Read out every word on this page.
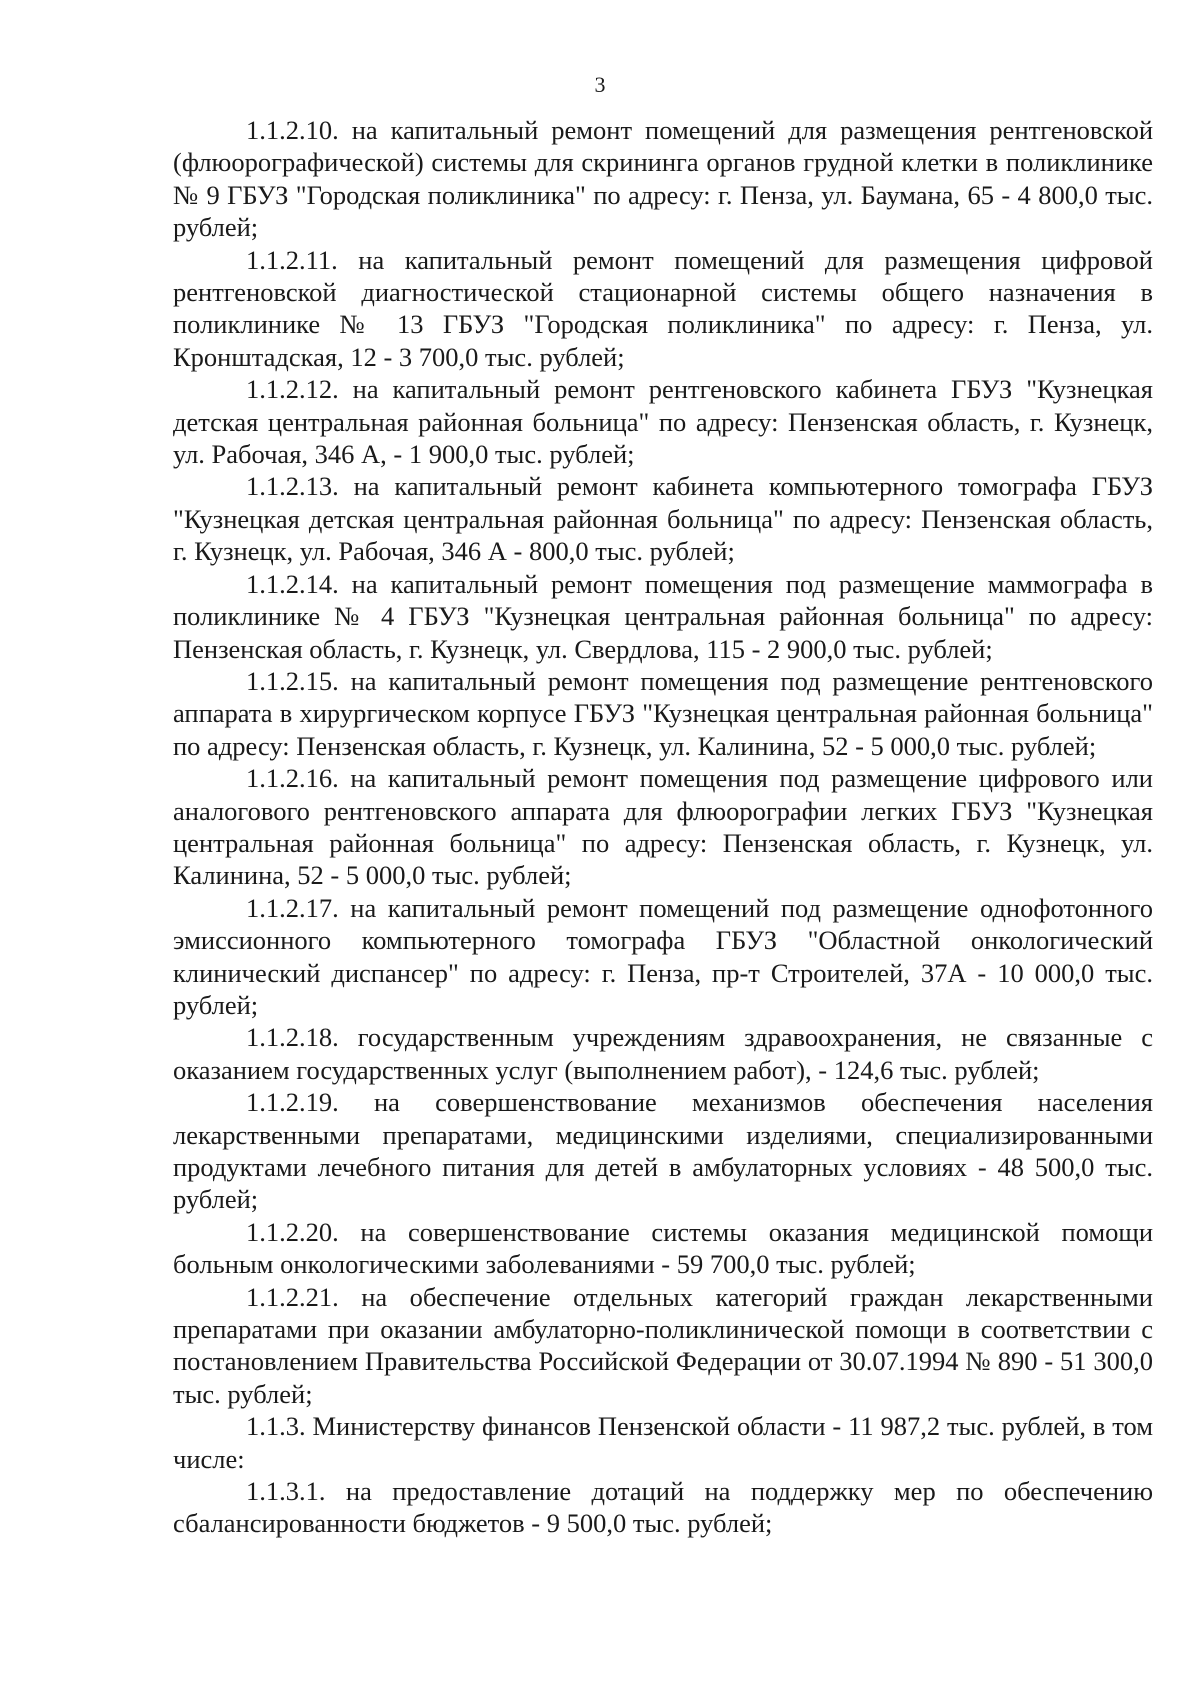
3

1.1.2.10. на капитальный ремонт помещений для размещения рентгеновской (флюорографической) системы для скрининга органов грудной клетки в поликлинике № 9 ГБУЗ "Городская поликлиника" по адресу: г. Пенза, ул. Баумана, 65 - 4 800,0 тыс. рублей;

1.1.2.11. на капитальный ремонт помещений для размещения цифровой рентгеновской диагностической стационарной системы общего назначения в поликлинике № 13 ГБУЗ "Городская поликлиника" по адресу: г. Пенза, ул. Кронштадская, 12 - 3 700,0 тыс. рублей;

1.1.2.12. на капитальный ремонт рентгеновского кабинета ГБУЗ "Кузнецкая детская центральная районная больница" по адресу: Пензенская область, г. Кузнецк, ул. Рабочая, 346 А, - 1 900,0 тыс. рублей;

1.1.2.13. на капитальный ремонт кабинета компьютерного томографа ГБУЗ "Кузнецкая детская центральная районная больница" по адресу: Пензенская область, г. Кузнецк, ул. Рабочая, 346 А - 800,0 тыс. рублей;

1.1.2.14. на капитальный ремонт помещения под размещение маммографа в поликлинике № 4 ГБУЗ "Кузнецкая центральная районная больница" по адресу: Пензенская область, г. Кузнецк, ул. Свердлова, 115 - 2 900,0 тыс. рублей;

1.1.2.15. на капитальный ремонт помещения под размещение рентгеновского аппарата в хирургическом корпусе ГБУЗ "Кузнецкая центральная районная больница" по адресу: Пензенская область, г. Кузнецк, ул. Калинина, 52 - 5 000,0 тыс. рублей;

1.1.2.16. на капитальный ремонт помещения под размещение цифрового или аналогового рентгеновского аппарата для флюорографии легких ГБУЗ "Кузнецкая центральная районная больница" по адресу: Пензенская область, г. Кузнецк, ул. Калинина, 52 - 5 000,0 тыс. рублей;

1.1.2.17. на капитальный ремонт помещений под размещение однофотонного эмиссионного компьютерного томографа ГБУЗ "Областной онкологический клинический диспансер" по адресу: г. Пенза, пр-т Строителей, 37А - 10 000,0 тыс. рублей;

1.1.2.18. государственным учреждениям здравоохранения, не связанные с оказанием государственных услуг (выполнением работ), - 124,6 тыс. рублей;

1.1.2.19. на совершенствование механизмов обеспечения населения лекарственными препаратами, медицинскими изделиями, специализированными продуктами лечебного питания для детей в амбулаторных условиях - 48 500,0 тыс. рублей;

1.1.2.20. на совершенствование системы оказания медицинской помощи больным онкологическими заболеваниями - 59 700,0 тыс. рублей;

1.1.2.21. на обеспечение отдельных категорий граждан лекарственными препаратами при оказании амбулаторно-поликлинической помощи в соответствии с постановлением Правительства Российской Федерации от 30.07.1994 № 890 - 51 300,0 тыс. рублей;

1.1.3. Министерству финансов Пензенской области - 11 987,2 тыс. рублей, в том числе:

1.1.3.1. на предоставление дотаций на поддержку мер по обеспечению сбалансированности бюджетов - 9 500,0 тыс. рублей;
